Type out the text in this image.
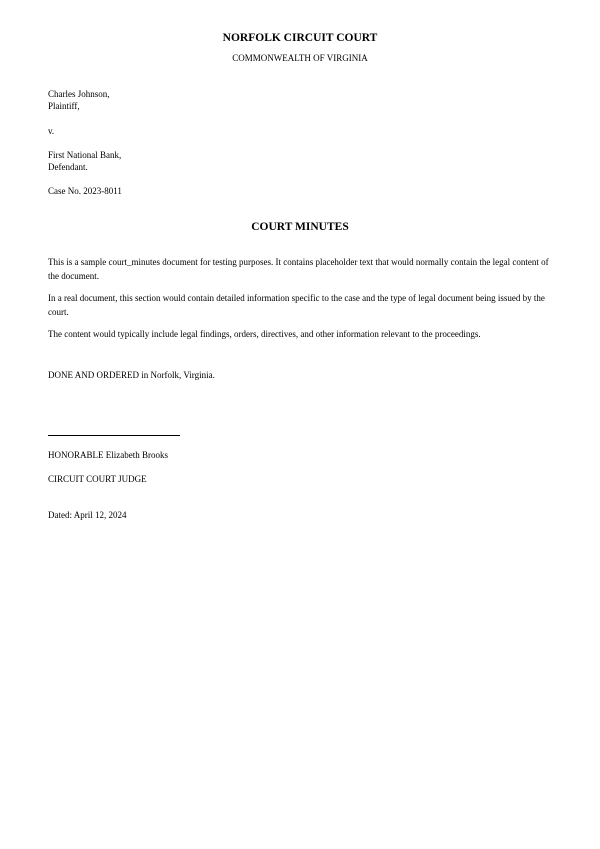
NORFOLK CIRCUIT COURT
COMMONWEALTH OF VIRGINIA
Charles Johnson,
Plaintiff,
v.
First National Bank,
Defendant.
Case No. 2023-8011
COURT MINUTES

This is a sample court_minutes document for testing purposes. It contains placeholder text that would normally contain the legal content of the document.

In a real document, this section would contain detailed information specific to the case and the type of legal document being issued by the court.

The content would typically include legal findings, orders, directives, and other information relevant to the proceedings.

DONE AND ORDERED in Norfolk, Virginia.
HONORABLE Elizabeth Brooks
CIRCUIT COURT JUDGE
Dated: April 12, 2024
